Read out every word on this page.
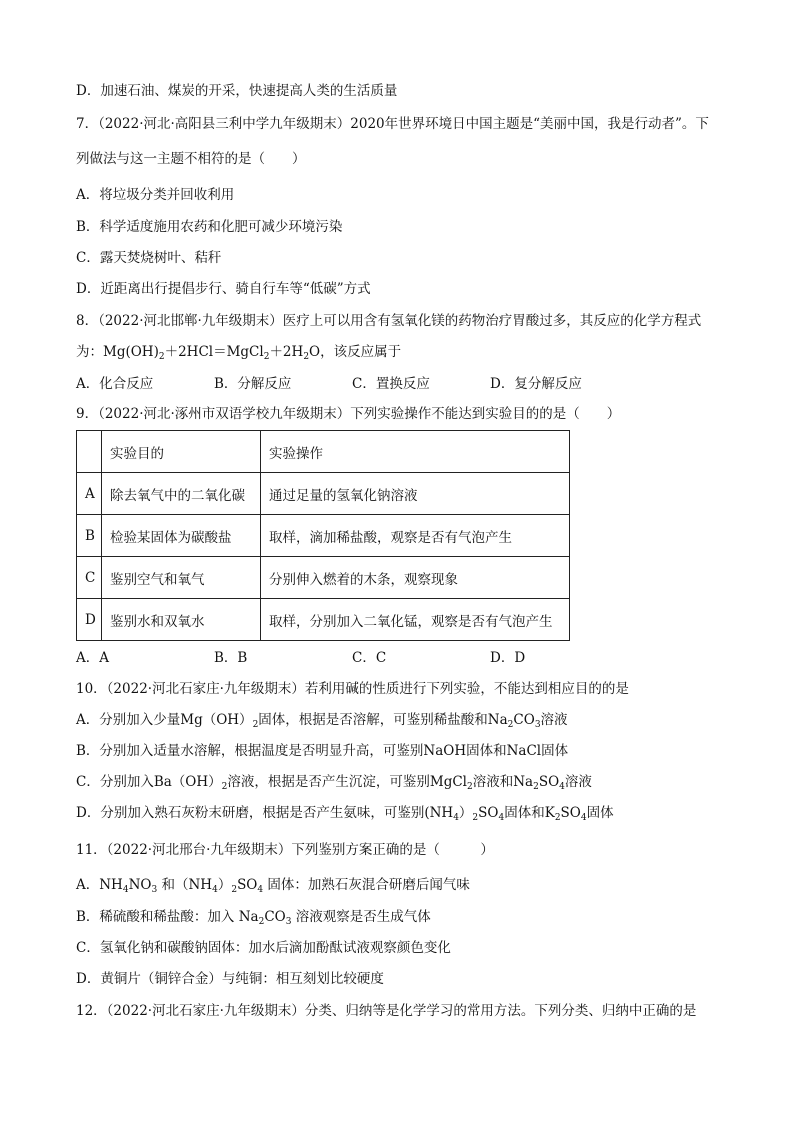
D．加速石油、煤炭的开采，快速提高人类的生活质量
7．（2022·河北·高阳县三利中学九年级期末）2020年世界环境日中国主题是“美丽中国，我是行动者”。下
列做法与这一主题不相符的是（　　）
A．将垃圾分类并回收利用
B．科学适度施用农药和化肥可减少环境污染
C．露天焚烧树叶、秸秆
D．近距离出行提倡步行、骑自行车等“低碳”方式
8．（2022·河北邯郸·九年级期末）医疗上可以用含有氢氧化镁的药物治疗胃酸过多，其反应的化学方程式
为：$Mg(OH)_2+2HCl=MgCl_2+2H_2O$，该反应属于
A．化合反应	B．分解反应	C．置换反应	D．复分解反应
9．（2022·河北·涿州市双语学校九年级期末）下列实验操作不能达到实验目的的是（　　）
	实验目的	实验操作
A	除去氧气中的二氧化碳	通过足量的氢氧化钠溶液
B	检验某固体为碳酸盐	取样，滴加稀盐酸，观察是否有气泡产生
C	鉴别空气和氧气	分别伸入燃着的木条，观察现象
D	鉴别水和双氧水	取样，分别加入二氧化锰，观察是否有气泡产生
A．A	B．B	C．C	D．D
10．（2022·河北石家庄·九年级期末）若利用碱的性质进行下列实验，不能达到相应目的的是
A．分别加入少量$Mg(OH)_2$固体，根据是否溶解，可鉴别稀盐酸和$Na_2CO_3$溶液
B．分别加入适量水溶解，根据温度是否明显升高，可鉴别NaOH固体和NaCl固体
C．分别加入$Ba(OH)_2$溶液，根据是否产生沉淀，可鉴别MgCl$_2$溶液和$Na_2SO_4$溶液
D．分别加入熟石灰粉末研磨，根据是否产生氨味，可鉴别$(NH_4)_2SO_4$固体和$K_2SO_4$固体
11．（2022·河北邢台·九年级期末）下列鉴别方案正确的是（　　　）
A．$NH_4NO_3$ 和$(NH_4)_2SO_4$ 固体：加熟石灰混合研磨后闻气味
B．稀硫酸和稀盐酸：加入 $Na_2CO_3$ 溶液观察是否生成气体
C．氢氧化钠和碳酸钠固体：加水后滴加酚酞试液观察颜色变化
D．黄铜片（铜锌合金）与纯铜：相互刻划比较硬度
12．（2022·河北石家庄·九年级期末）分类、归纳等是化学学习的常用方法。下列分类、归纳中正确的是
